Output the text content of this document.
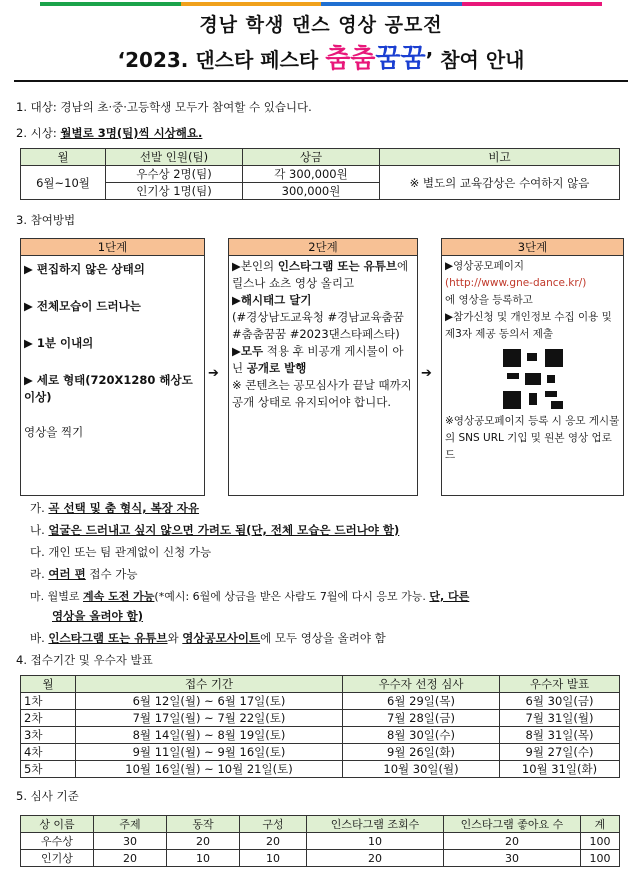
경남 학생 댄스 영상 공모전
‘2023. 댄스타 페스타 춤춤꿈꿈’ 참여 안내
1. 대상: 경남의 초·중·고등학생 모두가 참여할 수 있습니다.
2. 시상: 월별로 3명(팀)씩 시상해요.
월	선발 인원(팀)	상금	비고
6월~10월	우수상 2명(팀)	각 300,000원	※ 별도의 교육감상은 수여하지 않음
	인기상 1명(팀)	300,000원	
3. 참여방법
1단계
▶ 편집하지 않은 상태의
▶ 전체모습이 드러나는
▶ 1분 이내의
▶ 세로 형태(720X1280 해상도 이상)
영상을 찍기
➔
2단계
▶본인의 인스타그램 또는 유튜브에 릴스나 쇼츠 영상 올리고
▶해시태그 달기
(#경상남도교육청 #경남교육춤꿈 #춤춤꿈꿈 #2023댄스타페스타)
▶모두 적용 후 비공개 게시물이 아닌 공개로 발행
※ 콘텐츠는 공모심사가 끝날 때까지 공개 상태로 유지되어야 합니다.
➔
3단계
▶영상공모페이지
(http://www.gne-dance.kr/)
에 영상을 등록하고
▶참가신청 및 개인정보 수집 이용 및 제3자 제공 동의서 제출
※영상공모페이지 등록 시 응모 게시물의 SNS URL 기입 및 원본 영상 업로드
가. 곡 선택 및 춤 형식, 복장 자유
나. 얼굴은 드러내고 싶지 않으면 가려도 됨(단, 전체 모습은 드러나야 함)
다. 개인 또는 팀 관계없이 신청 가능
라. 여러 편 접수 가능
마. 월별로 계속 도전 가능(*예시: 6월에 상금을 받은 사람도 7월에 다시 응모 가능. 단, 다른
영상을 올려야 함)
바. 인스타그램 또는 유튜브와 영상공모사이트에 모두 영상을 올려야 함
4. 접수기간 및 우수자 발표
월	접수 기간	우수자 선정 심사	우수자 발표
1차	6월 12일(월) ~ 6월 17일(토)	6월 29일(목)	6월 30일(금)
2차	7월 17일(월) ~ 7월 22일(토)	7월 28일(금)	7월 31일(월)
3차	8월 14일(월) ~ 8월 19일(토)	8월 30일(수)	8월 31일(목)
4차	9월 11일(월) ~ 9월 16일(토)	9월 26일(화)	9월 27일(수)
5차	10월 16일(월) ~ 10월 21일(토)	10월 30일(월)	10월 31일(화)
5. 심사 기준
상 이름	주제	동작	구성	인스타그램 조회수	인스타그램 좋아요 수	계
우수상	30	20	20	10	20	100
인기상	20	10	10	20	30	100
